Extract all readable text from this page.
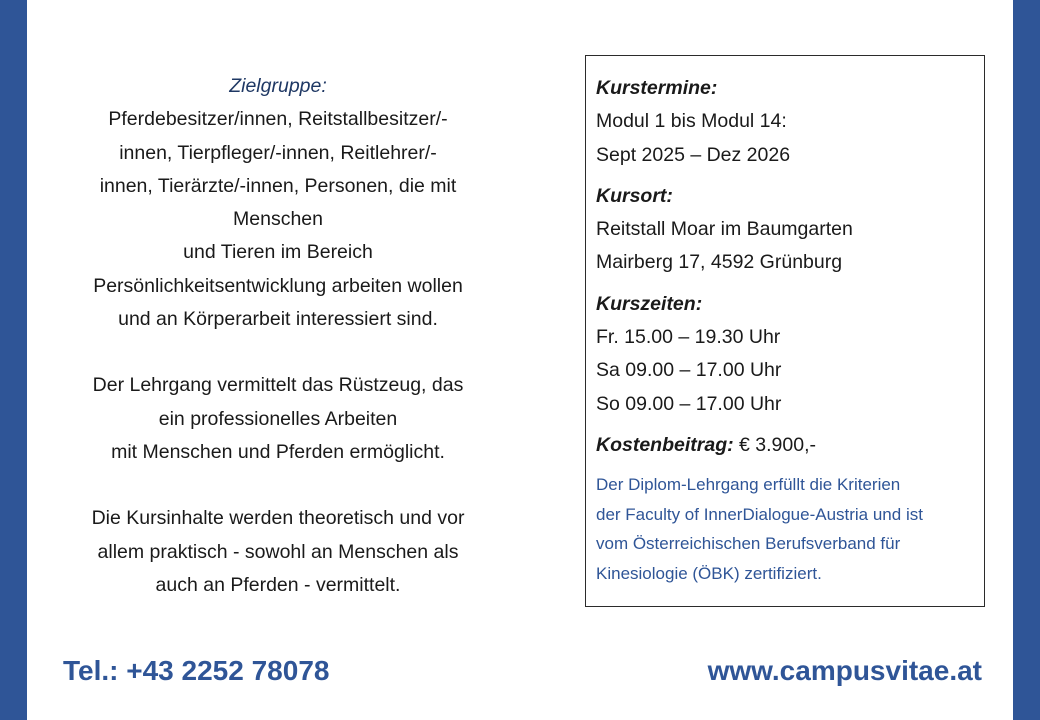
Zielgruppe:

Pferdebesitzer/innen, Reitstallbesitzer/-
innen, Tierpfleger/-innen, Reitlehrer/-
innen, Tierärzte/-innen, Personen, die mit
Menschen
und Tieren im Bereich
Persönlichkeitsentwicklung arbeiten wollen
und an Körperarbeit interessiert sind.

Der Lehrgang vermittelt das Rüstzeug, das
ein professionelles Arbeiten
mit Menschen und Pferden ermöglicht.

Die Kursinhalte werden theoretisch und vor
allem praktisch - sowohl an Menschen als
auch an Pferden - vermittelt.

Kurstermine:
Modul 1 bis Modul 14:
Sept 2025 – Dez 2026
Kursort:
Reitstall Moar im Baumgarten
Mairberg 17, 4592 Grünburg
Kurszeiten:
Fr. 15.00 – 19.30 Uhr
Sa 09.00 – 17.00 Uhr
So 09.00 – 17.00 Uhr
Kostenbeitrag: € 3.900,-
Der Diplom-Lehrgang erfüllt die Kriterien
der Faculty of InnerDialogue-Austria und ist
vom Österreichischen Berufsverband für
Kinesiologie (ÖBK) zertifiziert.
Tel.: +43 2252 78078	www.campusvitae.at
